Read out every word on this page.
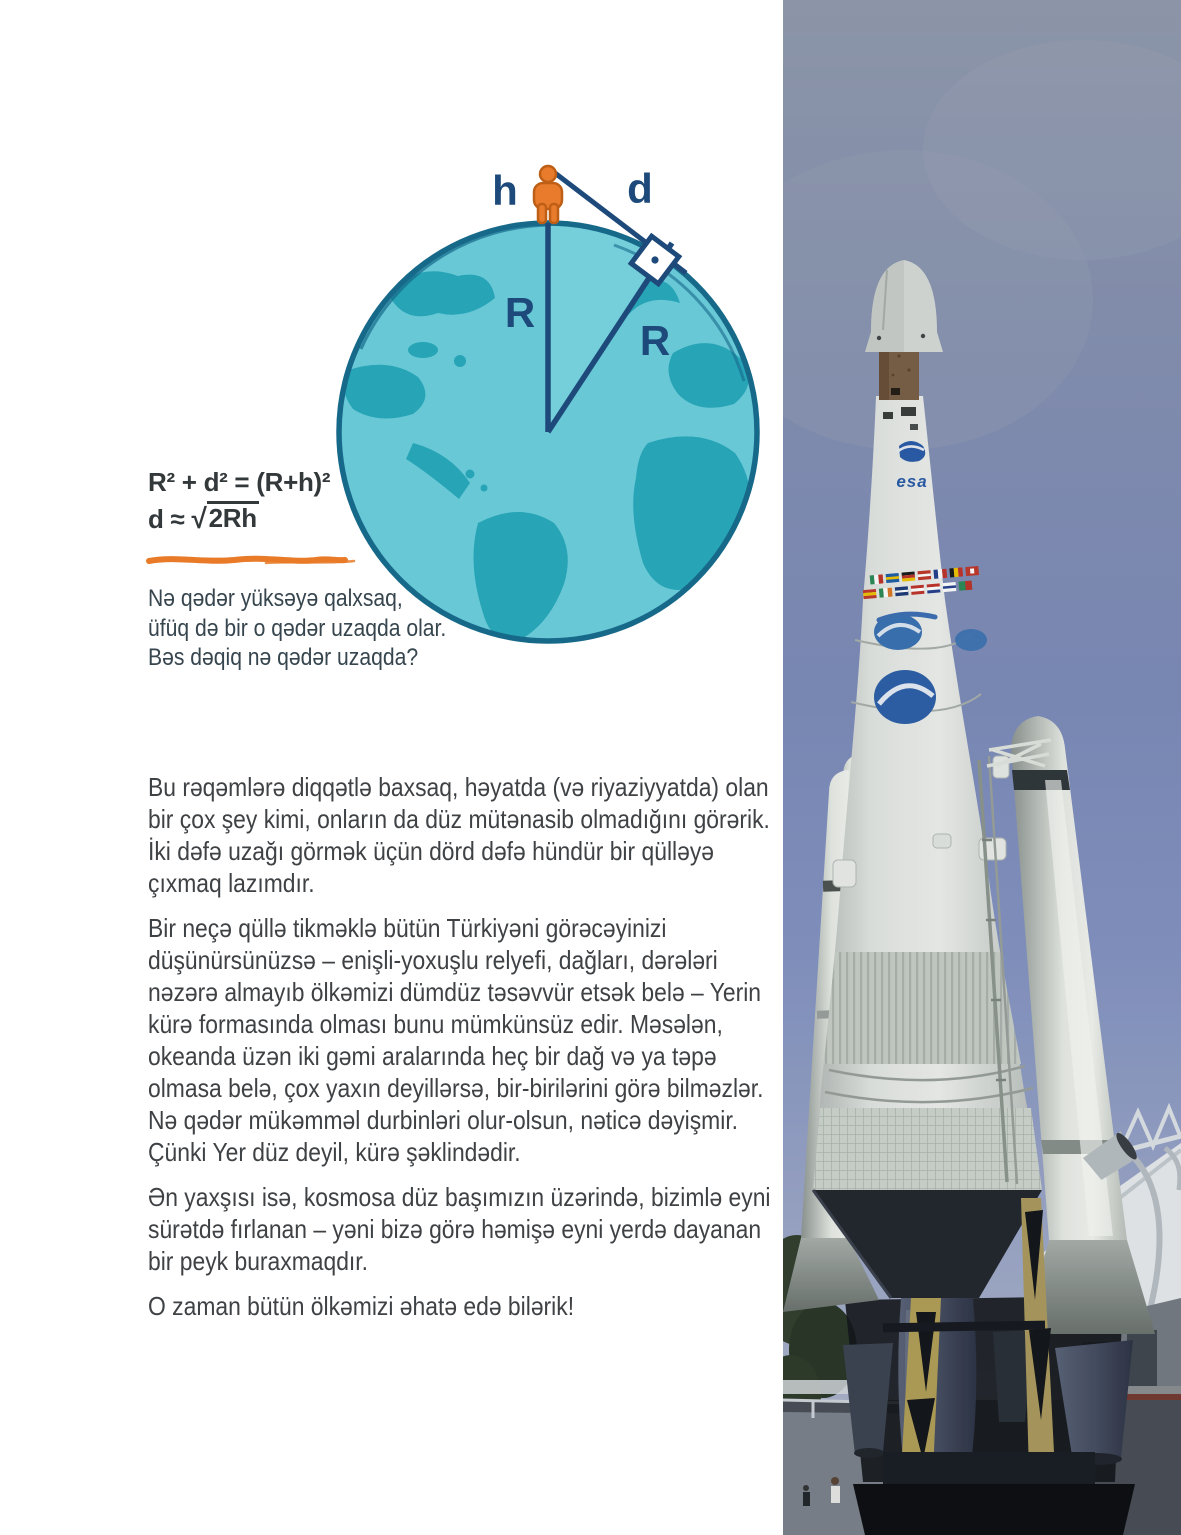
h	d
R
R
R² + d² = (R+h)²
d ≈ √ 2Rh
Nə qədər yüksəyə qalxsaq,
üfüq də bir o qədər uzaqda olar.
Bəs dəqiq nə qədər uzaqda?

Bu rəqəmlərə diqqətlə baxsaq, həyatda (və riyaziyyatda) olan bir çox şey kimi, onların da düz mütənasib olmadığını görərik. İki dəfə uzağı görmək üçün dörd dəfə hündür bir qülləyə çıxmaq lazımdır.

Bir neçə qüllə tikməklə bütün Türkiyəni görəcəyinizi düşünürsünüzsə – enişli-yoxuşlu relyefi, dağları, dərələri nəzərə almayıb ölkəmizi dümdüz təsəvvür etsək belə – Yerin kürə formasında olması bunu mümkünsüz edir. Məsələn, okeanda üzən iki gəmi aralarında heç bir dağ və ya təpə olmasa belə, çox yaxın deyillərsə, bir-birilərini görə bilməzlər. Nə qədər mükəmməl durbinləri olur-olsun, nəticə dəyişmir. Çünki Yer düz deyil, kürə şəklindədir.

Ən yaxşısı isə, kosmosa düz başımızın üzərində, bizimlə eyni sürətdə fırlanan – yəni bizə görə həmişə eyni yerdə dayanan bir peyk buraxmaqdır.

O zaman bütün ölkəmizi əhatə edə bilərik!

esa
